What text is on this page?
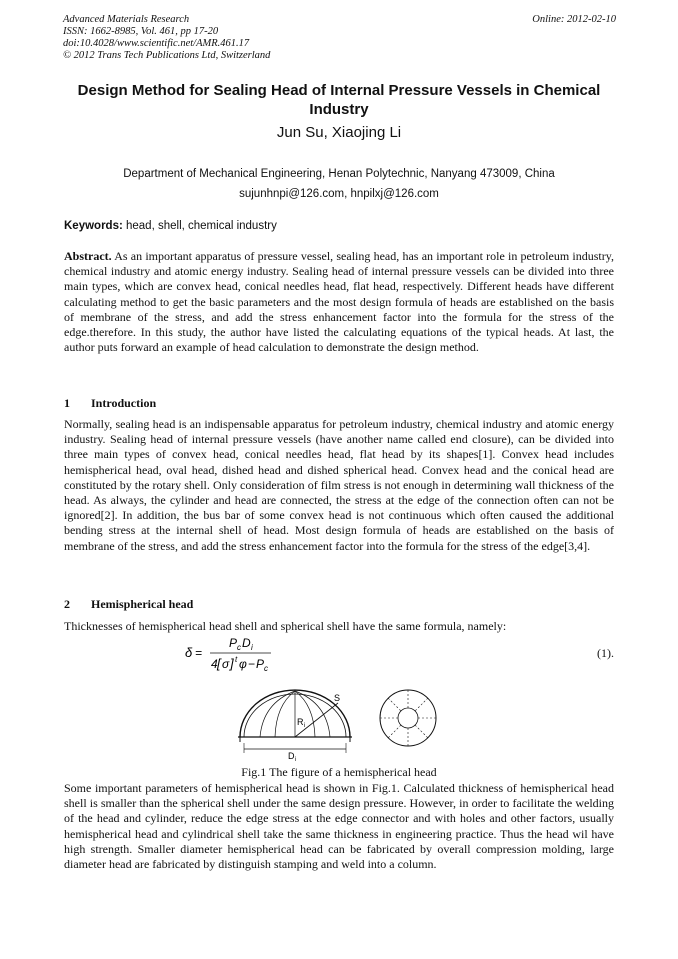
Advanced Materials Research
ISSN: 1662-8985, Vol. 461, pp 17-20
doi:10.4028/www.scientific.net/AMR.461.17
© 2012 Trans Tech Publications Ltd, Switzerland
Online: 2012-02-10
Design Method for Sealing Head of Internal Pressure Vessels in Chemical Industry
Jun Su, Xiaojing Li
Department of Mechanical Engineering, Henan Polytechnic, Nanyang 473009, China
sujunhnpi@126.com, hnpilxj@126.com
Keywords: head, shell, chemical industry
Abstract. As an important apparatus of pressure vessel, sealing head, has an important role in petroleum industry, chemical industry and atomic energy industry. Sealing head of internal pressure vessels can be divided into three main types, which are convex head, conical needles head, flat head, respectively. Different heads have different calculating method to get the basic parameters and the most design formula of heads are established on the basis of membrane of the stress, and add the stress enhancement factor into the formula for the stress of the edge.therefore. In this study, the author have listed the calculating equations of the typical heads. At last, the author puts forward an example of head calculation to demonstrate the design method.
1 Introduction
Normally, sealing head is an indispensable apparatus for petroleum industry, chemical industry and atomic energy industry. Sealing head of internal pressure vessels (have another name called end closure), can be divided into three main types of convex head, conical needles head, flat head by its shapes[1]. Convex head includes hemispherical head, oval head, dished head and dished spherical head. Convex head and the conical head are constituted by the rotary shell. Only consideration of film stress is not enough in determining wall thickness of the head. As always, the cylinder and head are connected, the stress at the edge of the connection often can not be ignored[2]. In addition, the bus bar of some convex head is not continuous which often caused the additional bending stress at the internal shell of head. Most design formula of heads are established on the basis of membrane of the stress, and add the stress enhancement factor into the formula for the stress of the edge[3,4].
2 Hemispherical head
Thicknesses of hemispherical head shell and spherical shell have the same formula, namely:
δ =
P c D i
4 [ σ ] t φ − P c
(1).
S
R i
D i
Fig.1 The figure of a hemispherical head
Some important parameters of hemispherical head is shown in Fig.1. Calculated thickness of hemispherical head shell is smaller than the spherical shell under the same design pressure. However, in order to facilitate the welding of the head and cylinder, reduce the edge stress at the edge connector and with holes and other factors, usually hemispherical head and cylindrical shell take the same thickness in engineering practice. Thus the head wil have high strength. Smaller diameter hemispherical head can be fabricated by overall compression molding, large diameter head are fabricated by distinguish stamping and weld into a column.
